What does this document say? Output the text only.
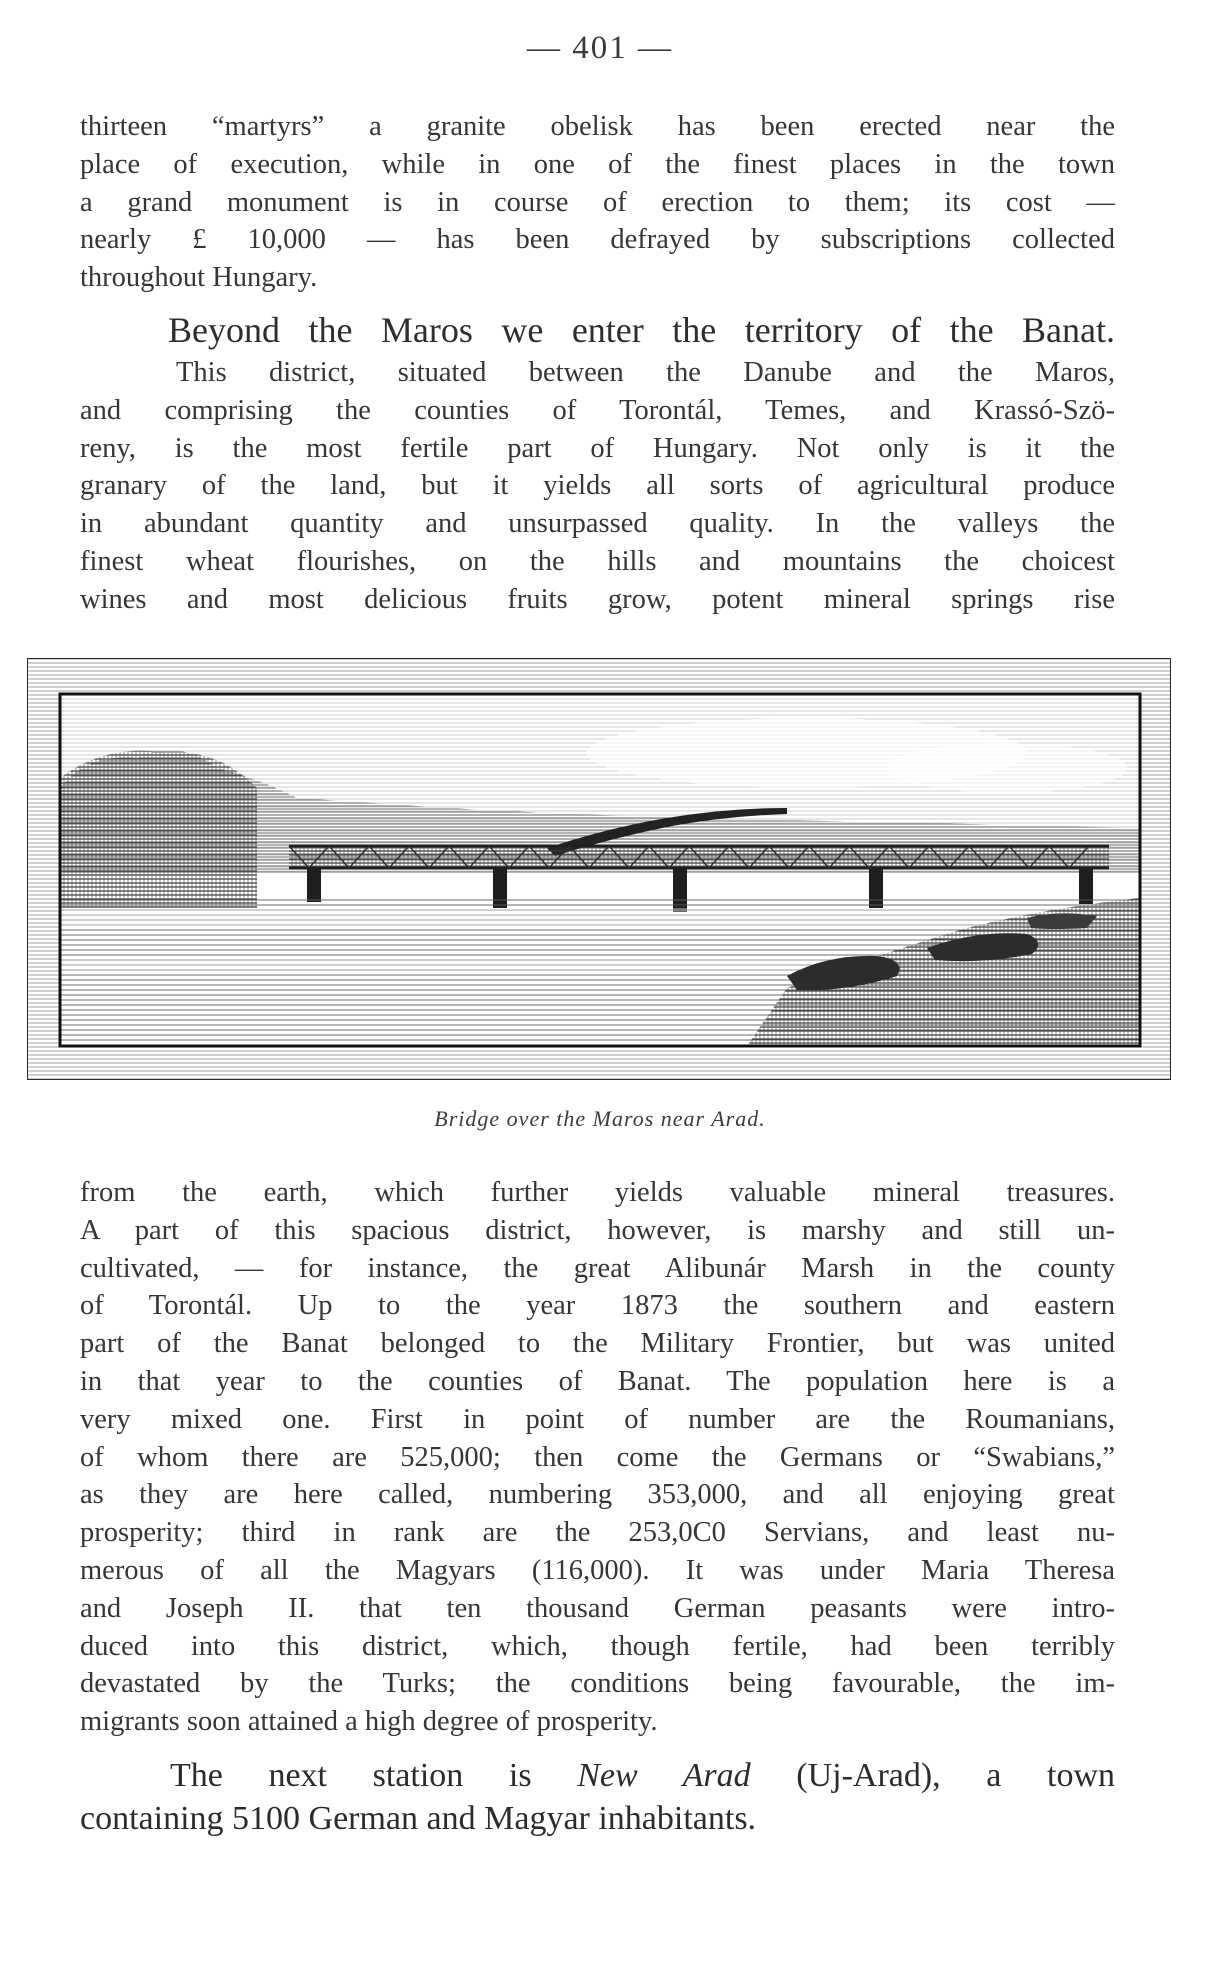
— 401 —
thirteen “martyrs” a granite obelisk has been erected near the
place of execution, while in one of the finest places in the town
a grand monument is in course of erection to them; its cost —
nearly £ 10,000 — has been defrayed by subscriptions collected
throughout Hungary.
Beyond the Maros we enter the territory of the Banat.
This district, situated between the Danube and the Maros,
and comprising the counties of Torontál, Temes, and Krassó-Szö-
reny, is the most fertile part of Hungary. Not only is it the
granary of the land, but it yields all sorts of agricultural produce
in abundant quantity and unsurpassed quality. In the valleys the
finest wheat flourishes, on the hills and mountains the choicest
wines and most delicious fruits grow, potent mineral springs rise
Bridge over the Maros near Arad.
from the earth, which further yields valuable mineral treasures.
A part of this spacious district, however, is marshy and still un-
cultivated, — for instance, the great Alibunár Marsh in the county
of Torontál. Up to the year 1873 the southern and eastern
part of the Banat belonged to the Military Frontier, but was united
in that year to the counties of Banat. The population here is a
very mixed one. First in point of number are the Roumanians,
of whom there are 525,000; then come the Germans or “Swabians,”
as they are here called, numbering 353,000, and all enjoying great
prosperity; third in rank are the 253,0C0 Servians, and least nu-
merous of all the Magyars (116,000). It was under Maria Theresa
and Joseph II. that ten thousand German peasants were intro-
duced into this district, which, though fertile, had been terribly
devastated by the Turks; the conditions being favourable, the im-
migrants soon attained a high degree of prosperity.
The next station is New Arad (Uj-Arad), a town
containing 5100 German and Magyar inhabitants.
